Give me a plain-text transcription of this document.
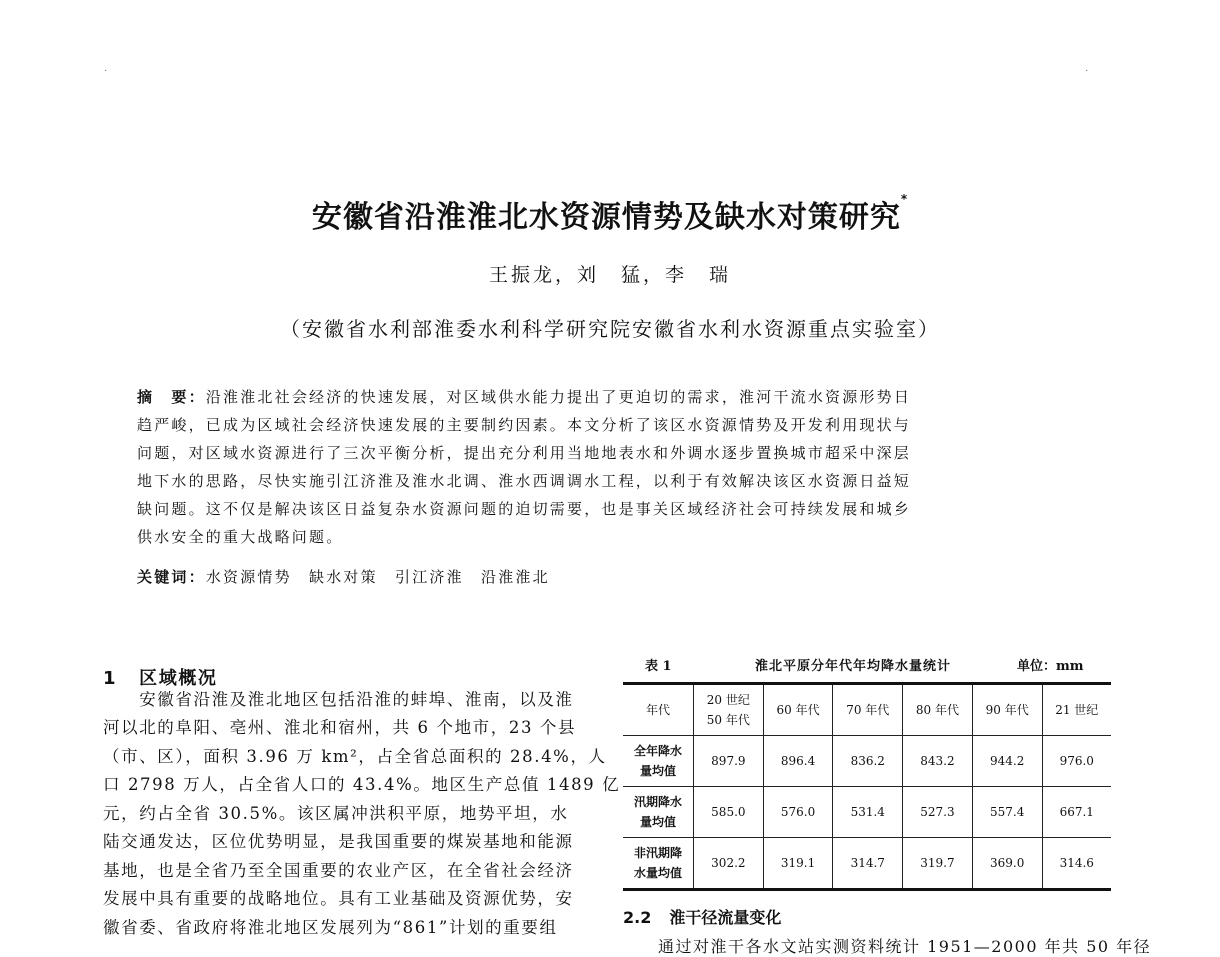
·	·
安徽省沿淮淮北水资源情势及缺水对策研究*
王振龙，刘　猛，李　瑞
（安徽省水利部淮委水利科学研究院安徽省水利水资源重点实验室）
摘　要：沿淮淮北社会经济的快速发展，对区域供水能力提出了更迫切的需求，淮河干流水资源形势日
趋严峻，已成为区域社会经济快速发展的主要制约因素。本文分析了该区水资源情势及开发利用现状与
问题，对区域水资源进行了三次平衡分析，提出充分利用当地地表水和外调水逐步置换城市超采中深层
地下水的思路，尽快实施引江济淮及淮水北调、淮水西调调水工程，以利于有效解决该区水资源日益短
缺问题。这不仅是解决该区日益复杂水资源问题的迫切需要，也是事关区域经济社会可持续发展和城乡
供水安全的重大战略问题。
关键词：水资源情势　缺水对策　引江济淮　沿淮淮北
1 区域概况
　　安徽省沿淮及淮北地区包括沿淮的蚌埠、淮南，以及淮
河以北的阜阳、亳州、淮北和宿州，共 6 个地市，23 个县
（市、区），面积 3.96 万 km²，占全省总面积的 28.4%，人
口 2798 万人，占全省人口的 43.4%。地区生产总值 1489 亿
元，约占全省 30.5%。该区属冲洪积平原，地势平坦，水
陆交通发达，区位优势明显，是我国重要的煤炭基地和能源
基地，也是全省乃至全国重要的农业产区，在全省社会经济
发展中具有重要的战略地位。具有工业基础及资源优势，安
徽省委、省政府将淮北地区发展列为“861”计划的重要组
表 1	淮北平原分年代年均降水量统计	单位：mm
年代	20 世纪
50 年代	60 年代	70 年代	80 年代	90 年代	21 世纪
全年降水
量均值	897.9	896.4	836.2	843.2	944.2	976.0
汛期降水
量均值	585.0	576.0	531.4	527.3	557.4	667.1
非汛期降
水量均值	302.2	319.1	314.7	319.7	369.0	314.6
2.2 淮干径流量变化
　　通过对淮干各水文站实测资料统计 1951—2000 年共 50 年径
